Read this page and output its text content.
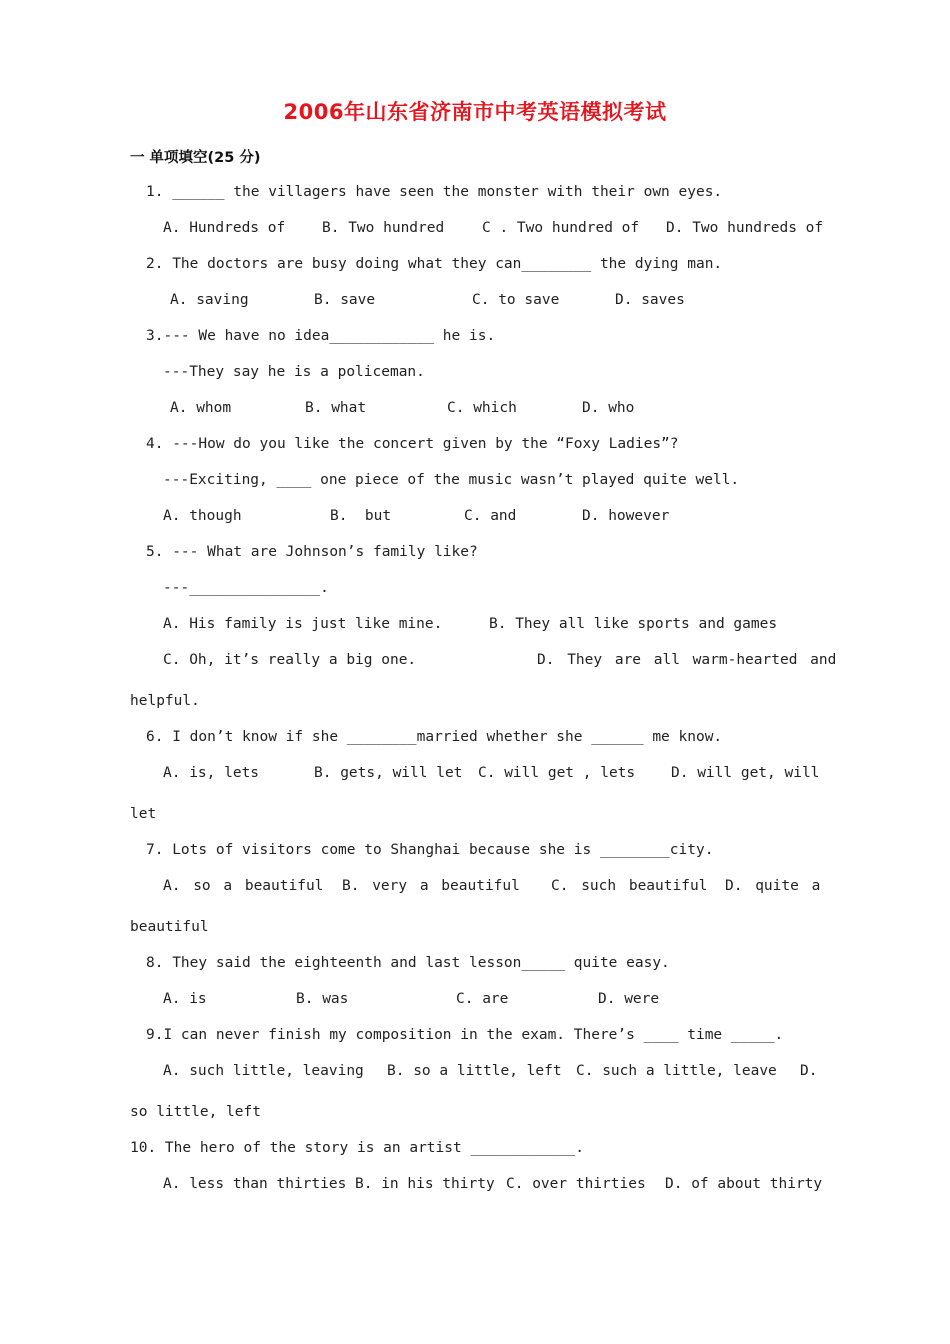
2006年山东省济南市中考英语模拟考试
一 单项填空(25 分)
1. ______ the villagers have seen the monster with their own eyes.
A. Hundreds of	B. Two hundred	C . Two hundred of D. Two hundreds of
2. The doctors are busy doing what they can________ the dying man.
A. saving	B. save	C. to save	D. saves
3.--- We have no idea____________ he is.
---They say he is a policeman.
A. whom	B. what	C. which	D. who
4. ---How do you like the concert given by the “Foxy Ladies”?
---Exciting, ____ one piece of the music wasn’t played quite well.
A. though	B.  but	C. and	D. however
5. --- What are Johnson’s family like?
---_______________.
A. His family is just like mine.	B. They all like sports and games
C. Oh, it’s really a big one.	D. They are all warm-hearted and
helpful.
6. I don’t know if she ________married whether she ______ me know.
A. is, lets	B. gets, will let C. will get , lets D. will get, will
let
7. Lots of visitors come to Shanghai because she is ________city.
A. so a beautiful B. very a beautiful C. such beautiful D. quite a
beautiful
8. They said the eighteenth and last lesson_____ quite easy.
A. is	B. was	C. are	D. were
9.I can never finish my composition in the exam. There’s ____ time _____.
A. such little, leaving B. so a little, left C. such a little, leave D.
so little, left
10. The hero of the story is an artist ____________.
A. less than thirties B. in his thirty C. over thirties D. of about thirty
